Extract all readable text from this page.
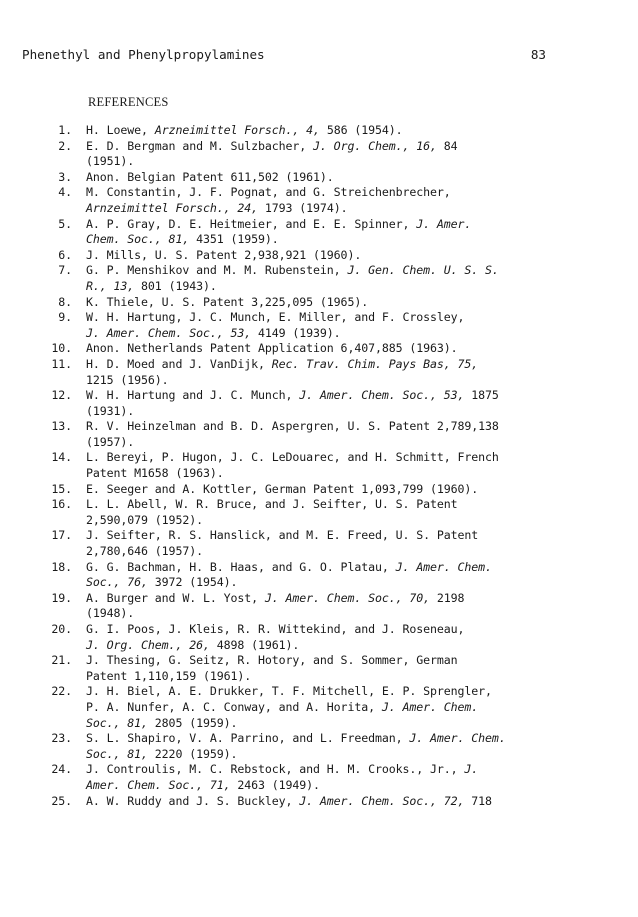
Phenethyl and Phenylpropylamines	83
REFERENCES
1. H. Loewe, Arzneimittel Forsch., 4, 586 (1954).
2. E. D. Bergman and M. Sulzbacher, J. Org. Chem., 16, 84
(1951).
3. Anon. Belgian Patent 611,502 (1961).
4. M. Constantin, J. F. Pognat, and G. Streichenbrecher,
Arnzeimittel Forsch., 24, 1793 (1974).
5. A. P. Gray, D. E. Heitmeier, and E. E. Spinner, J. Amer.
Chem. Soc., 81, 4351 (1959).
6. J. Mills, U. S. Patent 2,938,921 (1960).
7. G. P. Menshikov and M. M. Rubenstein, J. Gen. Chem. U. S. S.
R., 13, 801 (1943).
8. K. Thiele, U. S. Patent 3,225,095 (1965).
9. W. H. Hartung, J. C. Munch, E. Miller, and F. Crossley,
J. Amer. Chem. Soc., 53, 4149 (1939).
10. Anon. Netherlands Patent Application 6,407,885 (1963).
11. H. D. Moed and J. VanDijk, Rec. Trav. Chim. Pays Bas, 75,
1215 (1956).
12. W. H. Hartung and J. C. Munch, J. Amer. Chem. Soc., 53, 1875
(1931).
13. R. V. Heinzelman and B. D. Aspergren, U. S. Patent 2,789,138
(1957).
14. L. Bereyi, P. Hugon, J. C. LeDouarec, and H. Schmitt, French
Patent M1658 (1963).
15. E. Seeger and A. Kottler, German Patent 1,093,799 (1960).
16. L. L. Abell, W. R. Bruce, and J. Seifter, U. S. Patent
2,590,079 (1952).
17. J. Seifter, R. S. Hanslick, and M. E. Freed, U. S. Patent
2,780,646 (1957).
18. G. G. Bachman, H. B. Haas, and G. O. Platau, J. Amer. Chem.
Soc., 76, 3972 (1954).
19. A. Burger and W. L. Yost, J. Amer. Chem. Soc., 70, 2198
(1948).
20. G. I. Poos, J. Kleis, R. R. Wittekind, and J. Roseneau,
J. Org. Chem., 26, 4898 (1961).
21. J. Thesing, G. Seitz, R. Hotory, and S. Sommer, German
Patent 1,110,159 (1961).
22. J. H. Biel, A. E. Drukker, T. F. Mitchell, E. P. Sprengler,
P. A. Nunfer, A. C. Conway, and A. Horita, J. Amer. Chem.
Soc., 81, 2805 (1959).
23. S. L. Shapiro, V. A. Parrino, and L. Freedman, J. Amer. Chem.
Soc., 81, 2220 (1959).
24. J. Controulis, M. C. Rebstock, and H. M. Crooks., Jr., J.
Amer. Chem. Soc., 71, 2463 (1949).
25. A. W. Ruddy and J. S. Buckley, J. Amer. Chem. Soc., 72, 718
